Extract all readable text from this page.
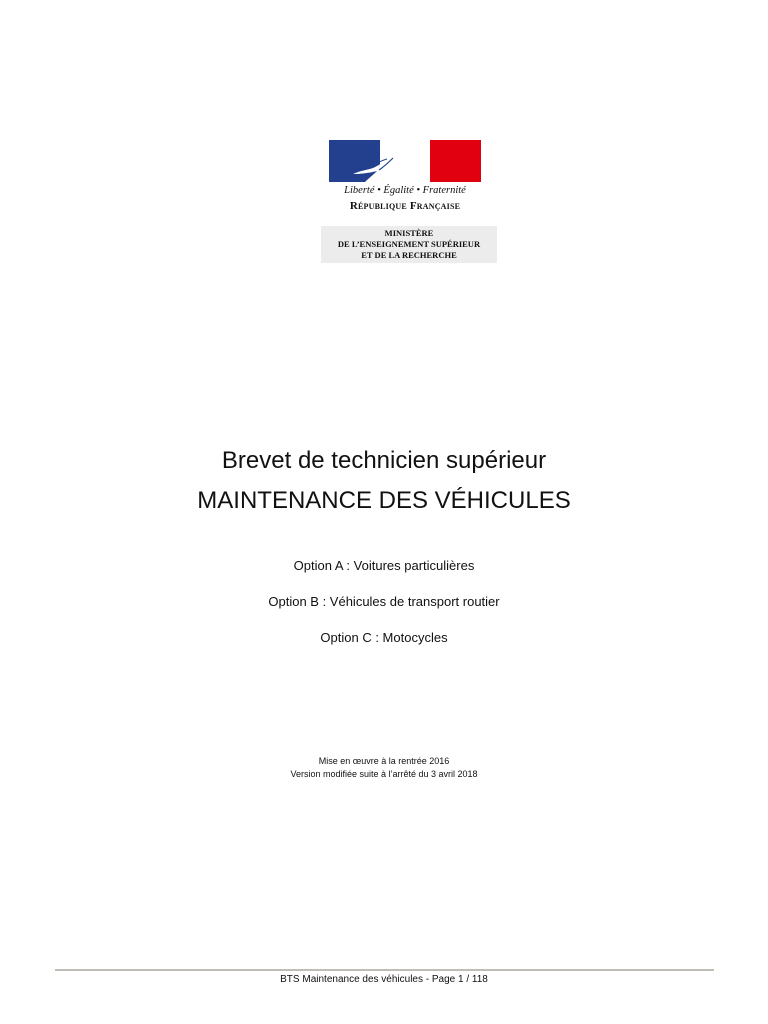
Liberté • Égalité • Fraternité
République Française
MINISTÈRE
DE L’ENSEIGNEMENT SUPÉRIEUR
ET DE LA RECHERCHE
Brevet de technicien supérieur
MAINTENANCE DES VÉHICULES
Option A : Voitures particulières
Option B : Véhicules de transport routier
Option C : Motocycles
Mise en œuvre à la rentrée 2016
Version modifiée suite à l’arrêté du 3 avril 2018
BTS Maintenance des véhicules - Page 1 / 118
